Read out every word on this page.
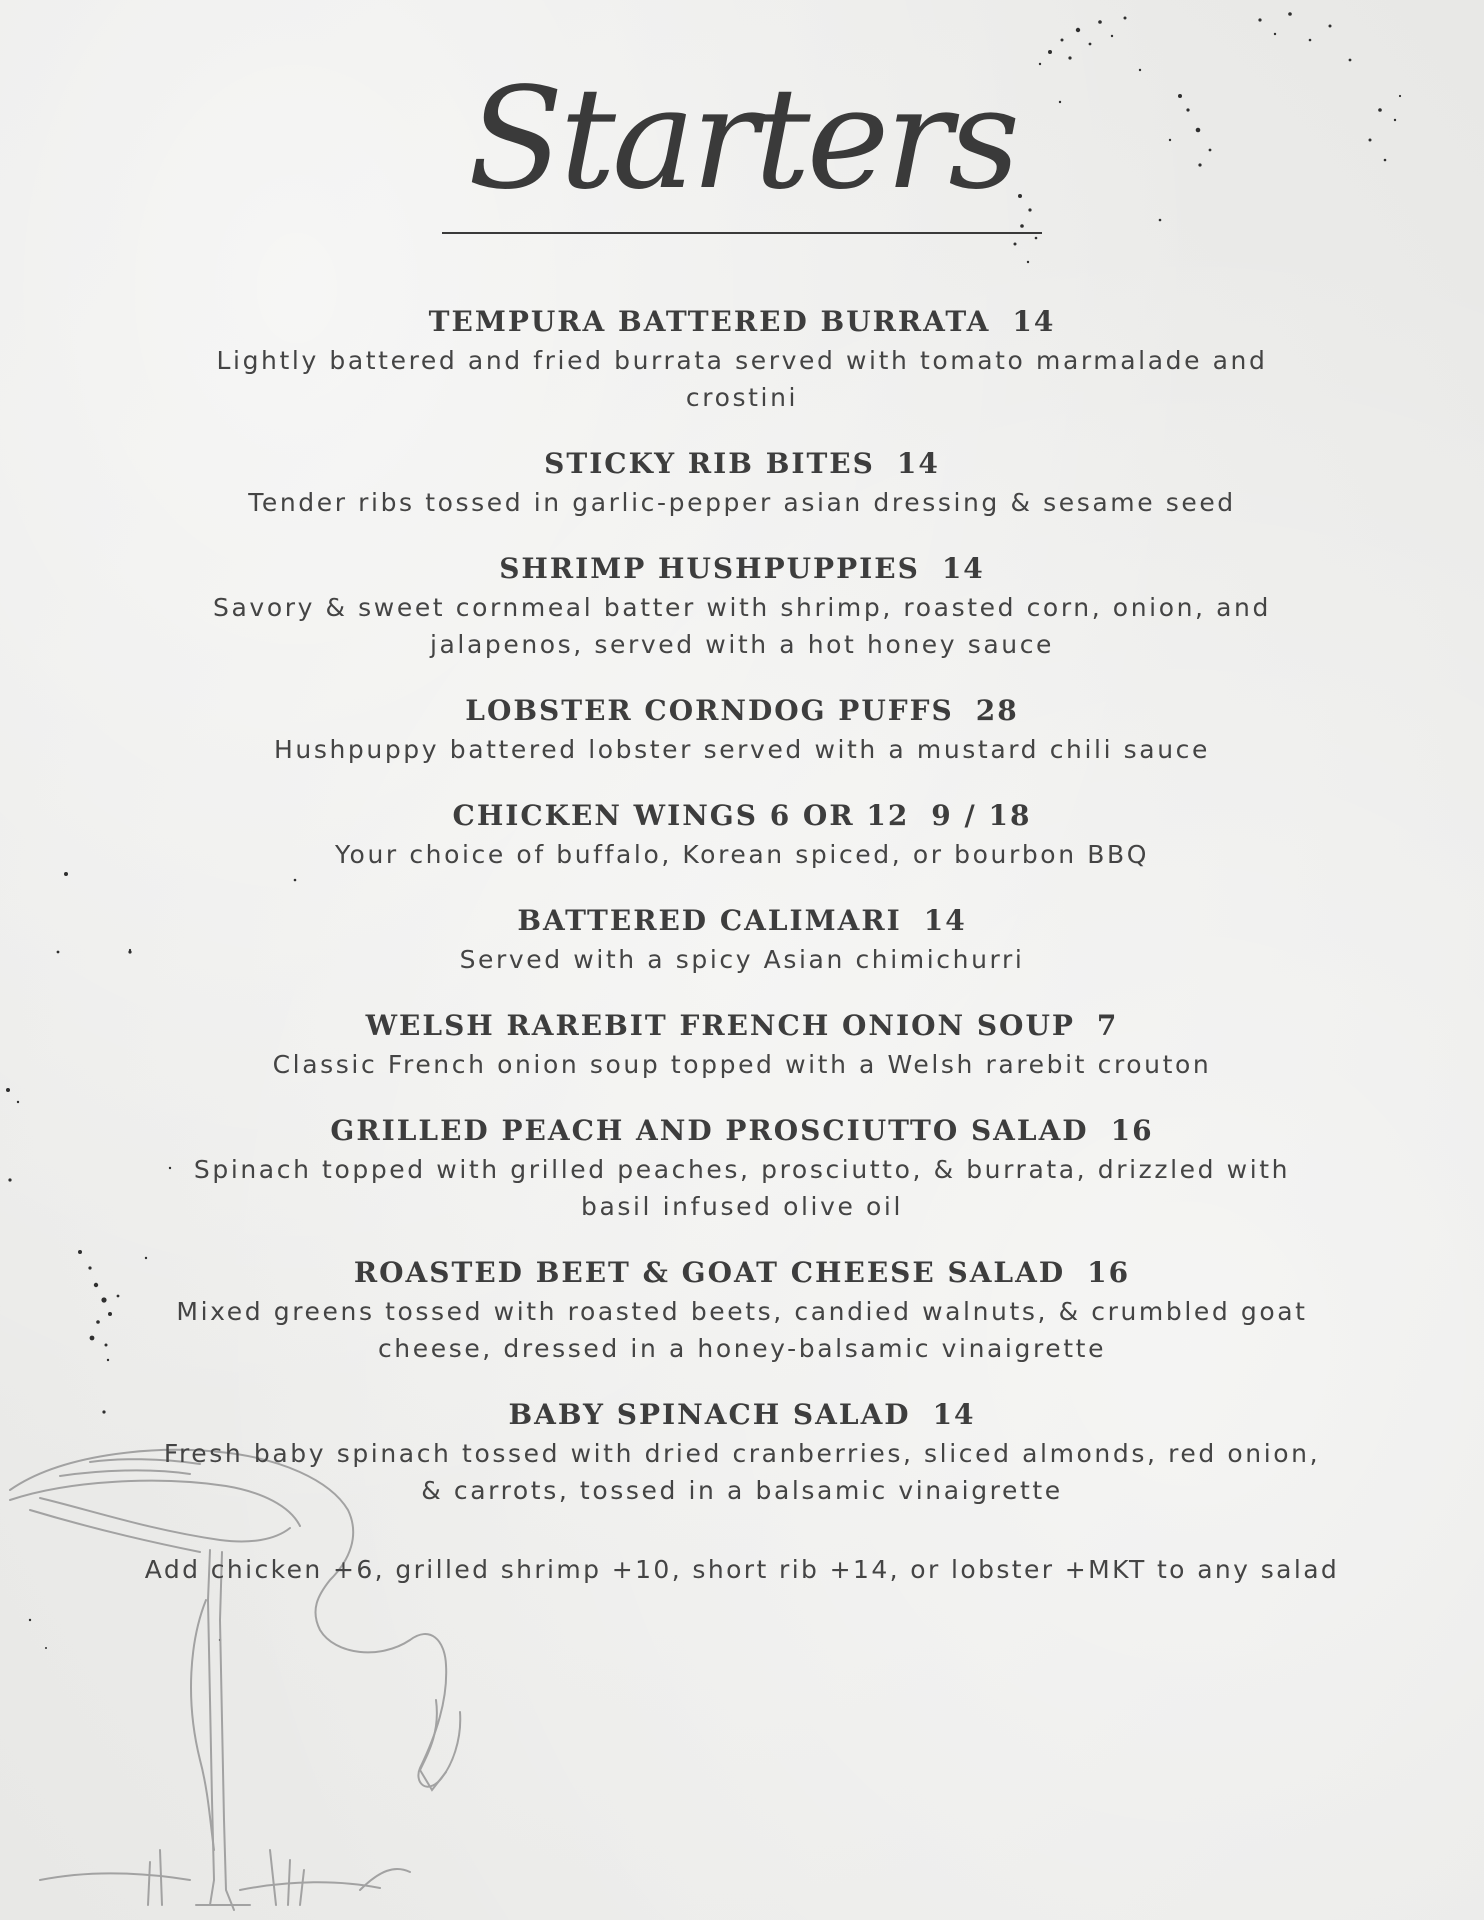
Starters
TEMPURA BATTERED BURRATA 14
Lightly battered and fried burrata served with tomato marmalade and crostini
STICKY RIB BITES 14
Tender ribs tossed in garlic-pepper asian dressing & sesame seed
SHRIMP HUSHPUPPIES 14
Savory & sweet cornmeal batter with shrimp, roasted corn, onion, and jalapenos, served with a hot honey sauce
LOBSTER CORNDOG PUFFS 28
Hushpuppy battered lobster served with a mustard chili sauce
CHICKEN WINGS 6 OR 12 9 / 18
Your choice of buffalo, Korean spiced, or bourbon BBQ
BATTERED CALIMARI 14
Served with a spicy Asian chimichurri
WELSH RAREBIT FRENCH ONION SOUP 7
Classic French onion soup topped with a Welsh rarebit crouton
GRILLED PEACH AND PROSCIUTTO SALAD 16
Spinach topped with grilled peaches, prosciutto, & burrata, drizzled with basil infused olive oil
ROASTED BEET & GOAT CHEESE SALAD 16
Mixed greens tossed with roasted beets, candied walnuts, & crumbled goat cheese, dressed in a honey-balsamic vinaigrette
BABY SPINACH SALAD 14
Fresh baby spinach tossed with dried cranberries, sliced almonds, red onion, & carrots, tossed in a balsamic vinaigrette
Add chicken +6, grilled shrimp +10, short rib +14, or lobster +MKT to any salad
